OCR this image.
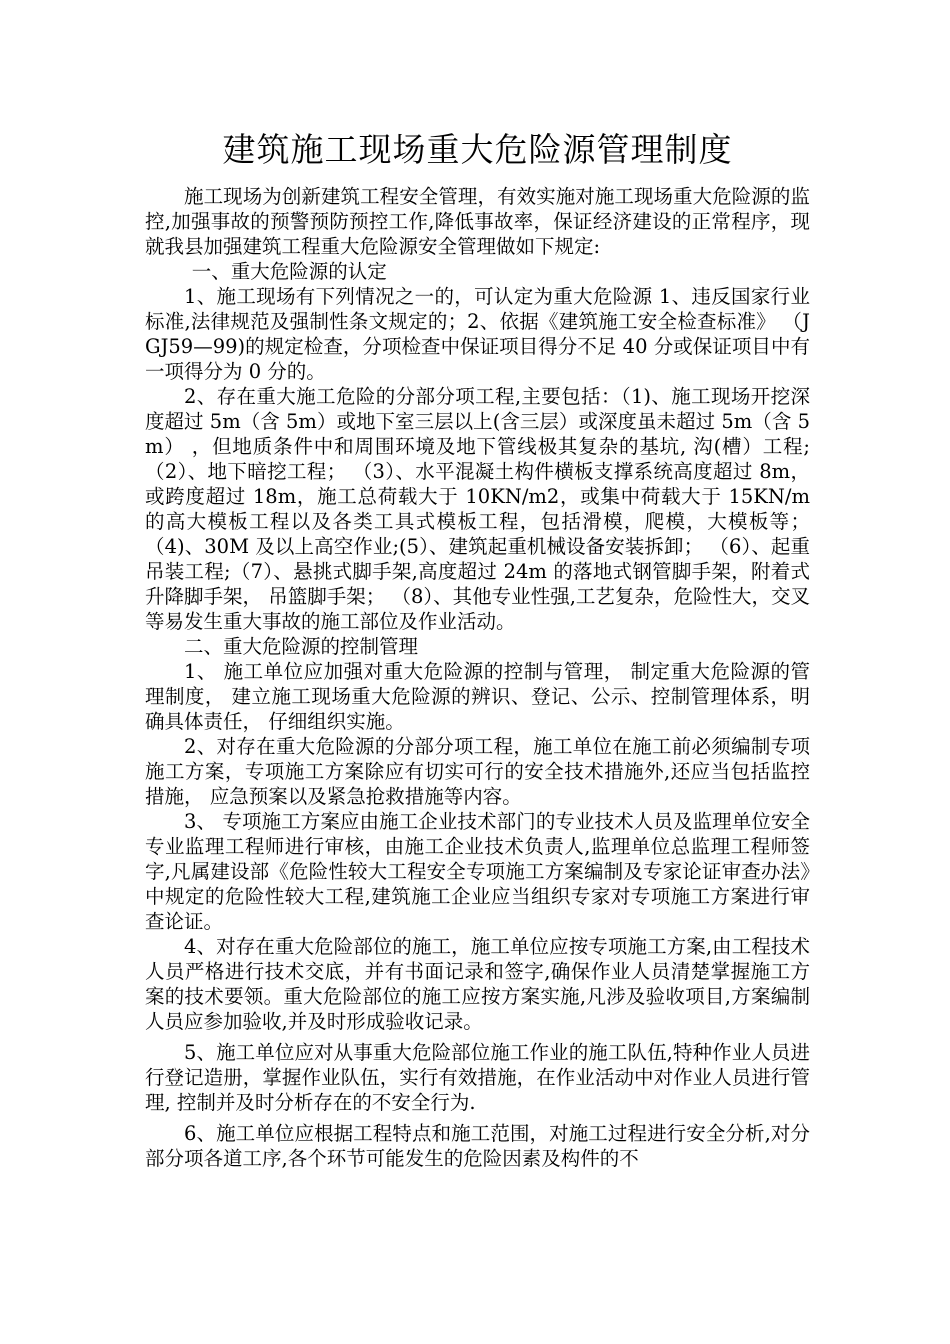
建筑施工现场重大危险源管理制度

施工现场为创新建筑工程安全管理，有效实施对施工现场重大危险源的监控,加强事故的预警预防预控工作,降低事故率，保证经济建设的正常程序，现就我县加强建筑工程重大危险源安全管理做如下规定:

一、重大危险源的认定

1、施工现场有下列情况之一的，可认定为重大危险源 1、违反国家行业标准,法律规范及强制性条文规定的；2、依据《建筑施工安全检查标准》 （JGJ59—99)的规定检查，分项检查中保证项目得分不足 40 分或保证项目中有一项得分为 0 分的。

2、存在重大施工危险的分部分项工程,主要包括：（1)、施工现场开挖深度超过 5m（含 5m）或地下室三层以上(含三层）或深度虽未超过 5m（含 5m） ，但地质条件中和周围环境及地下管线极其复杂的基坑, 沟(槽）工程;（2）、地下暗挖工程； （3）、水平混凝土构件横板支撑系统高度超过 8m，或跨度超过 18m，施工总荷载大于 10KN/m2，或集中荷载大于 15KN/m 的高大模板工程以及各类工具式模板工程，包括滑模，爬模，大模板等；（4)、30M 及以上高空作业;(5）、建筑起重机械设备安装拆卸； （6）、起重吊装工程;（7）、悬挑式脚手架,高度超过 24m 的落地式钢管脚手架，附着式升降脚手架， 吊篮脚手架； （8）、其他专业性强,工艺复杂，危险性大，交叉等易发生重大事故的施工部位及作业活动。

二、重大危险源的控制管理

1、 施工单位应加强对重大危险源的控制与管理， 制定重大危险源的管理制度， 建立施工现场重大危险源的辨识、登记、公示、控制管理体系，明确具体责任， 仔细组织实施。

2、对存在重大危险源的分部分项工程，施工单位在施工前必须编制专项施工方案，专项施工方案除应有切实可行的安全技术措施外,还应当包括监控措施， 应急预案以及紧急抢救措施等内容。

3、 专项施工方案应由施工企业技术部门的专业技术人员及监理单位安全专业监理工程师进行审核，由施工企业技术负责人,监理单位总监理工程师签字,凡属建设部《危险性较大工程安全专项施工方案编制及专家论证审查办法》中规定的危险性较大工程,建筑施工企业应当组织专家对专项施工方案进行审查论证。

4、对存在重大危险部位的施工，施工单位应按专项施工方案,由工程技术人员严格进行技术交底，并有书面记录和签字,确保作业人员清楚掌握施工方案的技术要领。重大危险部位的施工应按方案实施,凡涉及验收项目,方案编制人员应参加验收,并及时形成验收记录。

5、施工单位应对从事重大危险部位施工作业的施工队伍,特种作业人员进行登记造册，掌握作业队伍，实行有效措施，在作业活动中对作业人员进行管理, 控制并及时分析存在的不安全行为.

6、施工单位应根据工程特点和施工范围，对施工过程进行安全分析,对分部分项各道工序,各个环节可能发生的危险因素及构件的不
